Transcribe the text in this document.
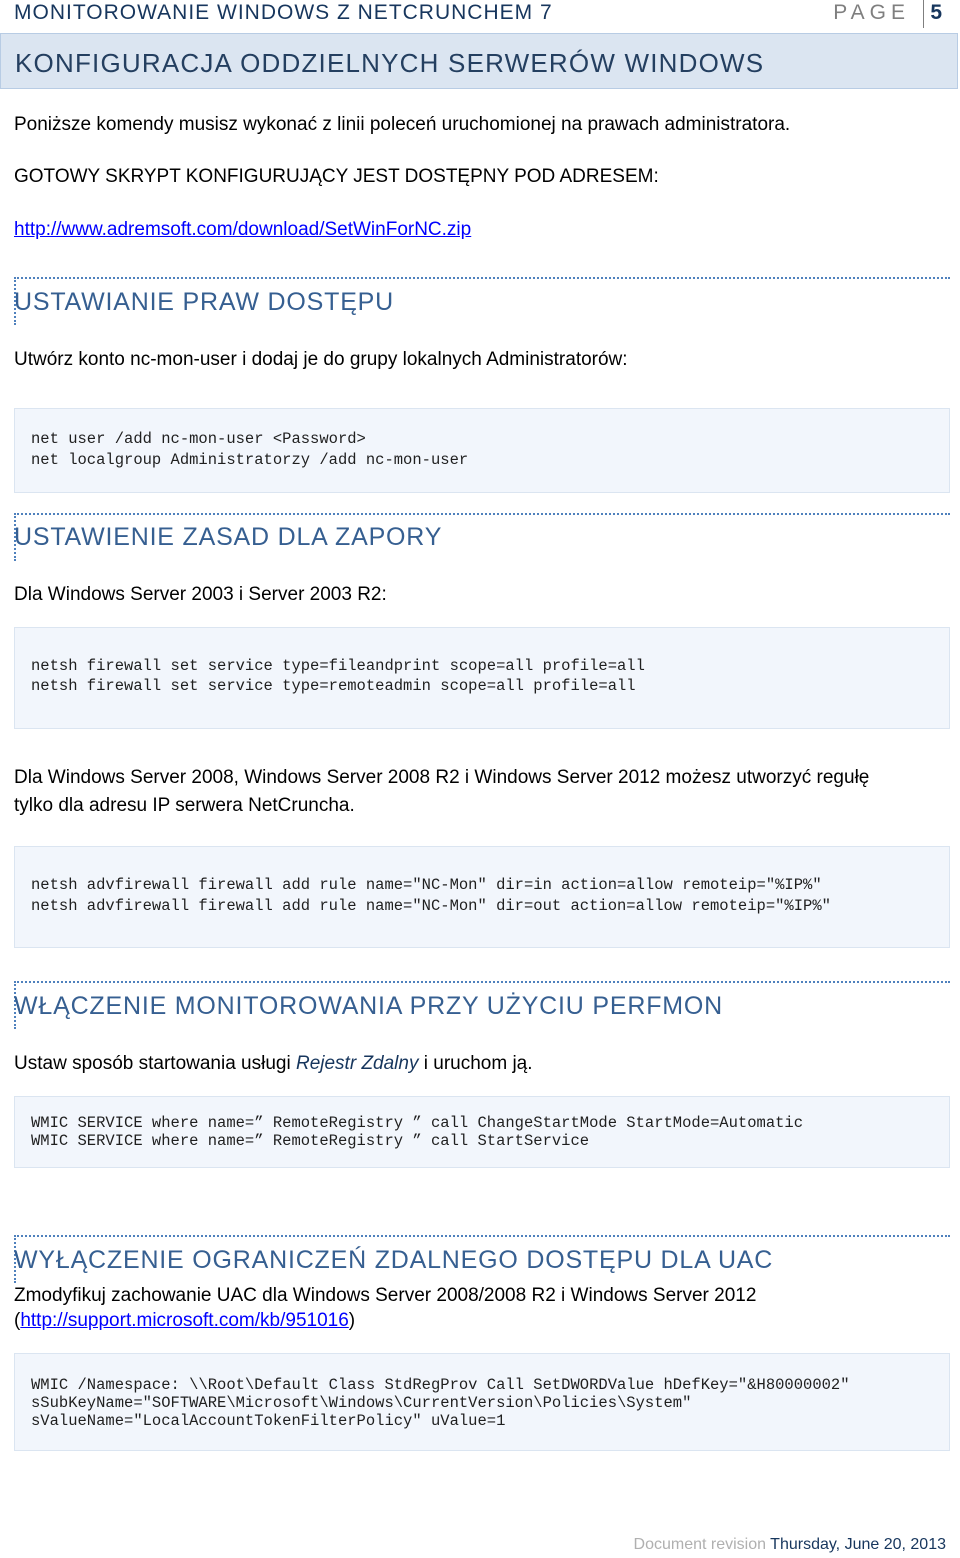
MONITOROWANIE WINDOWS Z NETCRUNCHEM 7	PAGE 5
KONFIGURACJA ODDZIELNYCH SERWERÓW WINDOWS
Poniższe komendy musisz wykonać z linii poleceń uruchomionej na prawach administratora.
GOTOWY SKRYPT KONFIGURUJĄCY JEST DOSTĘPNY POD ADRESEM:
http://www.adremsoft.com/download/SetWinForNC.zip
USTAWIANIE PRAW DOSTĘPU
Utwórz konto nc-mon-user i dodaj je do grupy lokalnych Administratorów:
net user /add nc-mon-user <Password>
net localgroup Administratorzy /add nc-mon-user
USTAWIENIE ZASAD DLA ZAPORY
Dla Windows Server 2003 i Server 2003 R2:
netsh firewall set service type=fileandprint scope=all profile=all
netsh firewall set service type=remoteadmin scope=all profile=all
Dla Windows Server 2008, Windows Server 2008 R2 i Windows Server 2012 możesz utworzyć regułę
tylko dla adresu IP serwera NetCruncha.
netsh advfirewall firewall add rule name="NC-Mon" dir=in action=allow remoteip="%IP%"
netsh advfirewall firewall add rule name="NC-Mon" dir=out action=allow remoteip="%IP%"
WŁĄCZENIE MONITOROWANIA PRZY UŻYCIU PERFMON
Ustaw sposób startowania usługi Rejestr Zdalny i uruchom ją.
WMIC SERVICE where name=” RemoteRegistry ” call ChangeStartMode StartMode=Automatic
WMIC SERVICE where name=” RemoteRegistry ” call StartService
WYŁĄCZENIE OGRANICZEŃ ZDALNEGO DOSTĘPU DLA UAC
Zmodyfikuj zachowanie UAC dla Windows Server 2008/2008 R2 i Windows Server 2012
(http://support.microsoft.com/kb/951016)
WMIC /Namespace: \\Root\Default Class StdRegProv Call SetDWORDValue hDefKey="&H80000002"
sSubKeyName="SOFTWARE\Microsoft\Windows\CurrentVersion\Policies\System"
sValueName="LocalAccountTokenFilterPolicy" uValue=1
Document revision Thursday, June 20, 2013
